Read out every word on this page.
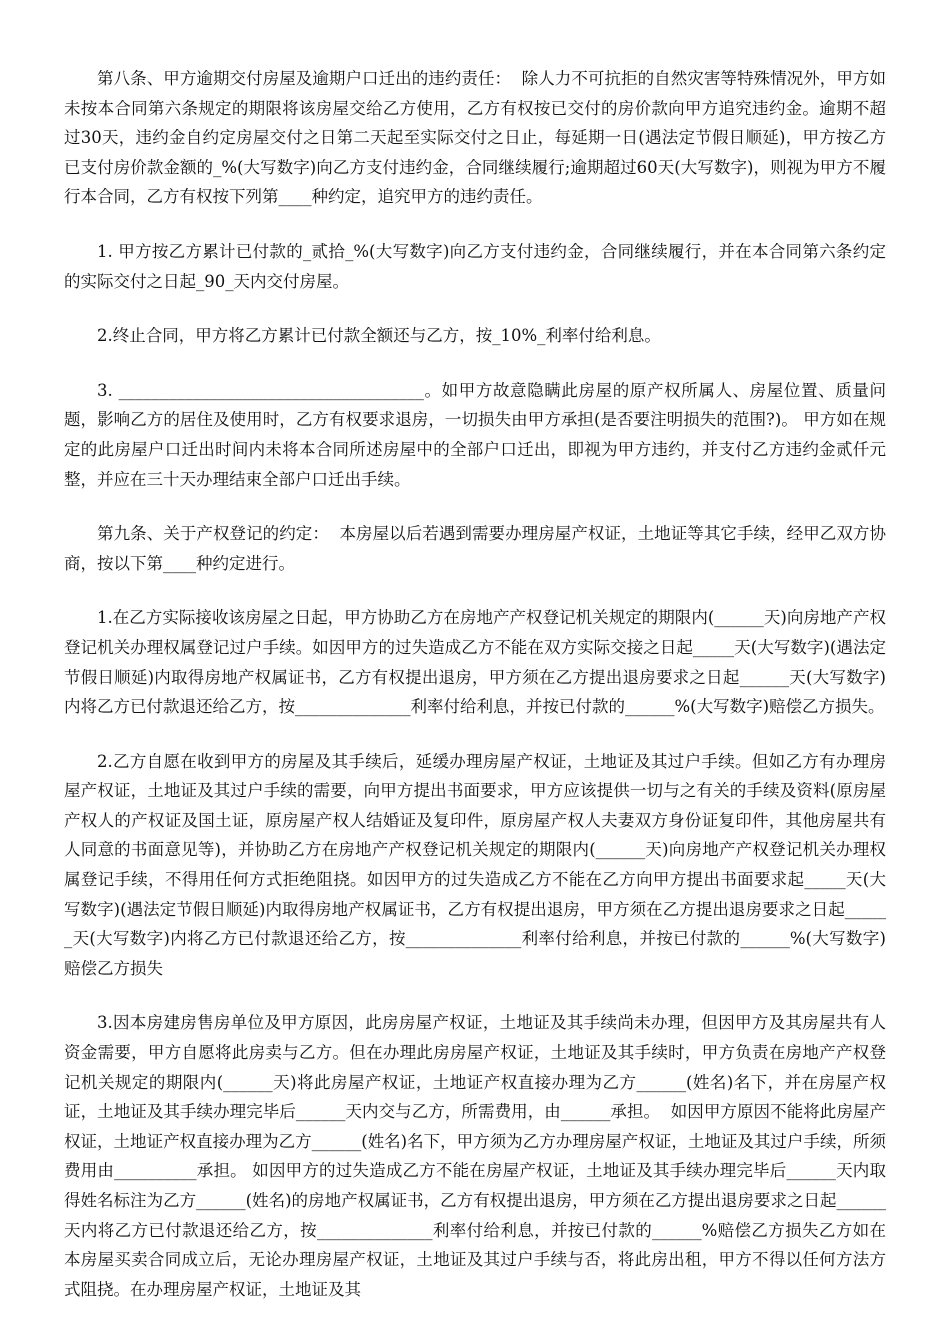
第八条、甲方逾期交付房屋及逾期户口迁出的违约责任：  除人力不可抗拒的自然灾害等特殊情况外，甲方如未按本合同第六条规定的期限将该房屋交给乙方使用，乙方有权按已交付的房价款向甲方追究违约金。逾期不超过30天，违约金自约定房屋交付之日第二天起至实际交付之日止，每延期一日(遇法定节假日顺延)，甲方按乙方已支付房价款金额的_%(大写数字)向乙方支付违约金，合同继续履行;逾期超过60天(大写数字)，则视为甲方不履行本合同，乙方有权按下列第____种约定，追究甲方的违约责任。

1. 甲方按乙方累计已付款的_贰拾_%(大写数字)向乙方支付违约金，合同继续履行，并在本合同第六条约定的实际交付之日起_90_天内交付房屋。

2.终止合同，甲方将乙方累计已付款全额还与乙方，按_10%_利率付给利息。

3. _____________________________________。如甲方故意隐瞒此房屋的原产权所属人、房屋位置、质量问题，影响乙方的居住及使用时，乙方有权要求退房，一切损失由甲方承担(是否要注明损失的范围?)。 甲方如在规定的此房屋户口迁出时间内未将本合同所述房屋中的全部户口迁出，即视为甲方违约，并支付乙方违约金贰仟元整，并应在三十天办理结束全部户口迁出手续。

第九条、关于产权登记的约定：  本房屋以后若遇到需要办理房屋产权证，土地证等其它手续，经甲乙双方协商，按以下第____种约定进行。

1.在乙方实际接收该房屋之日起，甲方协助乙方在房地产产权登记机关规定的期限内(______天)向房地产产权登记机关办理权属登记过户手续。如因甲方的过失造成乙方不能在双方实际交接之日起_____天(大写数字)(遇法定节假日顺延)内取得房地产权属证书，乙方有权提出退房，甲方须在乙方提出退房要求之日起______天(大写数字)内将乙方已付款退还给乙方，按______________利率付给利息，并按已付款的______%(大写数字)赔偿乙方损失。

2.乙方自愿在收到甲方的房屋及其手续后，延缓办理房屋产权证，土地证及其过户手续。但如乙方有办理房屋产权证，土地证及其过户手续的需要，向甲方提出书面要求，甲方应该提供一切与之有关的手续及资料(原房屋产权人的产权证及国土证，原房屋产权人结婚证及复印件，原房屋产权人夫妻双方身份证复印件，其他房屋共有人同意的书面意见等)，并协助乙方在房地产产权登记机关规定的期限内(______天)向房地产产权登记机关办理权属登记手续，不得用任何方式拒绝阻挠。如因甲方的过失造成乙方不能在乙方向甲方提出书面要求起_____天(大写数字)(遇法定节假日顺延)内取得房地产权属证书，乙方有权提出退房，甲方须在乙方提出退房要求之日起______天(大写数字)内将乙方已付款退还给乙方，按______________利率付给利息，并按已付款的______%(大写数字)赔偿乙方损失

3.因本房建房售房单位及甲方原因，此房房屋产权证，土地证及其手续尚未办理，但因甲方及其房屋共有人资金需要，甲方自愿将此房卖与乙方。但在办理此房房屋产权证，土地证及其手续时，甲方负责在房地产产权登记机关规定的期限内(______天)将此房屋产权证，土地证产权直接办理为乙方______(姓名)名下，并在房屋产权证，土地证及其手续办理完毕后______天内交与乙方，所需费用，由______承担。  如因甲方原因不能将此房屋产权证，土地证产权直接办理为乙方______(姓名)名下，甲方须为乙方办理房屋产权证，土地证及其过户手续，所须费用由__________承担。 如因甲方的过失造成乙方不能在房屋产权证，土地证及其手续办理完毕后______天内取得姓名标注为乙方______(姓名)的房地产权属证书，乙方有权提出退房，甲方须在乙方提出退房要求之日起______天内将乙方已付款退还给乙方，按______________利率付给利息，并按已付款的______%赔偿乙方损失乙方如在本房屋买卖合同成立后，无论办理房屋产权证，土地证及其过户手续与否，将此房出租，甲方不得以任何方法方式阻挠。在办理房屋产权证，土地证及其
